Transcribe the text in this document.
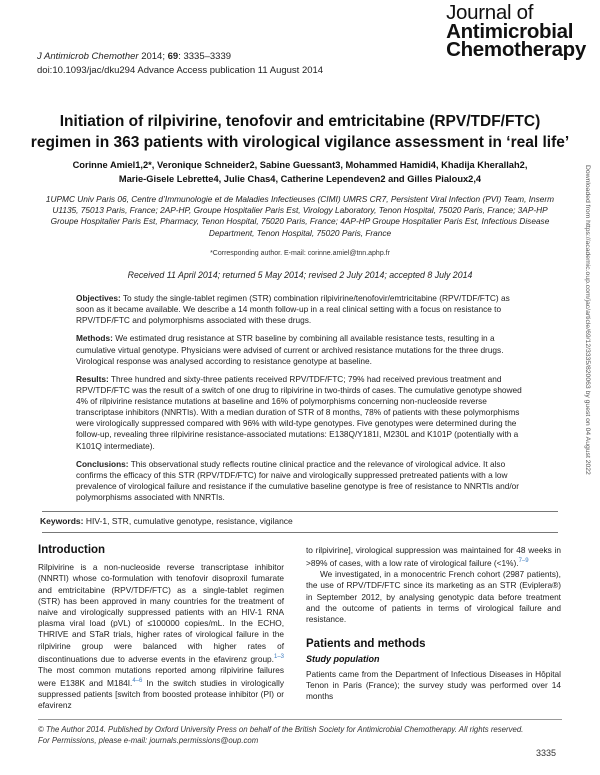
J Antimicrob Chemother 2014; 69: 3335–3339
doi:10.1093/jac/dku294 Advance Access publication 11 August 2014
Journal of
Antimicrobial
Chemotherapy
Initiation of rilpivirine, tenofovir and emtricitabine (RPV/TDF/FTC) regimen in 363 patients with virological vigilance assessment in ‘real life’
Corinne Amiel1,2*, Veronique Schneider2, Sabine Guessant3, Mohammed Hamidi4, Khadija Kherallah2,
Marie-Gisele Lebrette4, Julie Chas4, Catherine Lependeven2 and Gilles Pialoux2,4
1UPMC Univ Paris 06, Centre d’Immunologie et de Maladies Infectieuses (CIMI) UMRS CR7, Persistent Viral Infection (PVI) Team, Inserm U1135, 75013 Paris, France; 2AP-HP, Groupe Hospitalier Paris Est, Virology Laboratory, Tenon Hospital, 75020 Paris, France; 3AP-HP Groupe Hospitalier Paris Est, Pharmacy, Tenon Hospital, 75020 Paris, France; 4AP-HP Groupe Hospitalier Paris Est, Infectious Disease Department, Tenon Hospital, 75020 Paris, France
*Corresponding author. E-mail: corinne.amiel@tnn.aphp.fr
Received 11 April 2014; returned 5 May 2014; revised 2 July 2014; accepted 8 July 2014

Objectives: To study the single-tablet regimen (STR) combination rilpivirine/tenofovir/emtricitabine (RPV/TDF/FTC) as soon as it became available. We describe a 14 month follow-up in a real clinical setting with a focus on resistance to RPV/TDF/FTC and polymorphisms associated with these drugs.

Methods: We estimated drug resistance at STR baseline by combining all available resistance tests, resulting in a cumulative virtual genotype. Physicians were advised of current or archived resistance mutations for the three drugs. Virological response was analysed according to resistance genotype at baseline.

Results: Three hundred and sixty-three patients received RPV/TDF/FTC; 79% had received previous treatment and RPV/TDF/FTC was the result of a switch of one drug to rilpivirine in two-thirds of cases. The cumulative genotype showed 4% of rilpivirine resistance mutations at baseline and 16% of polymorphisms concerning non-nucleoside reverse transcriptase inhibitors (NNRTIs). With a median duration of STR of 8 months, 78% of patients with these polymorphisms were virologically suppressed compared with 96% with wild-type genotypes. Five genotypes were determined during the follow-up, revealing three rilpivirine resistance-associated mutations: E138Q/Y181I, M230L and K101P (potentially with a K101Q intermediate).

Conclusions: This observational study reflects routine clinical practice and the relevance of virological advice. It also confirms the efficacy of this STR (RPV/TDF/FTC) for naive and virologically suppressed pretreated patients with a low prevalence of virological failure and resistance if the cumulative baseline genotype is free of resistance to NNRTIs and/or polymorphisms associated with NNRTIs.

Keywords: HIV-1, STR, cumulative genotype, resistance, vigilance

Introduction

Rilpivirine is a non-nucleoside reverse transcriptase inhibitor (NNRTI) whose co-formulation with tenofovir disoproxil fumarate and emtricitabine (RPV/TDF/FTC) as a single-tablet regimen (STR) has been approved in many countries for the treatment of naive and virologically suppressed patients with an HIV-1 RNA plasma viral load (pVL) of ≤100000 copies/mL. In the ECHO, THRIVE and STaR trials, higher rates of virological failure in the rilpivirine group were balanced with higher rates of discontinuations due to adverse events in the efavirenz group.$^{1-3}$ The most common mutations reported among rilpivirine failures were E138K and M184I.$^{4-6}$ In the switch studies in virologically suppressed patients [switch from boosted protease inhibitor (PI) or efavirenz

to rilpivirine], virological suppression was maintained for 48 weeks in >89% of cases, with a low rate of virological failure (<1%).$^{7-9}$

We investigated, in a monocentric French cohort (2987 patients), the use of RPV/TDF/FTC since its marketing as an STR (Eviplera®) in September 2012, by analysing genotypic data before treatment and the outcome of patients in terms of virological failure and resistance.

Patients and methods

Study population

Patients came from the Department of Infectious Diseases in Hôpital Tenon in Paris (France); the survey study was performed over 14 months

© The Author 2014. Published by Oxford University Press on behalf of the British Society for Antimicrobial Chemotherapy. All rights reserved.
For Permissions, please e-mail: journals.permissions@oup.com
3335
Downloaded from https://academic.oup.com/jac/article/69/12/3335/820063 by guest on 04 August 2022
